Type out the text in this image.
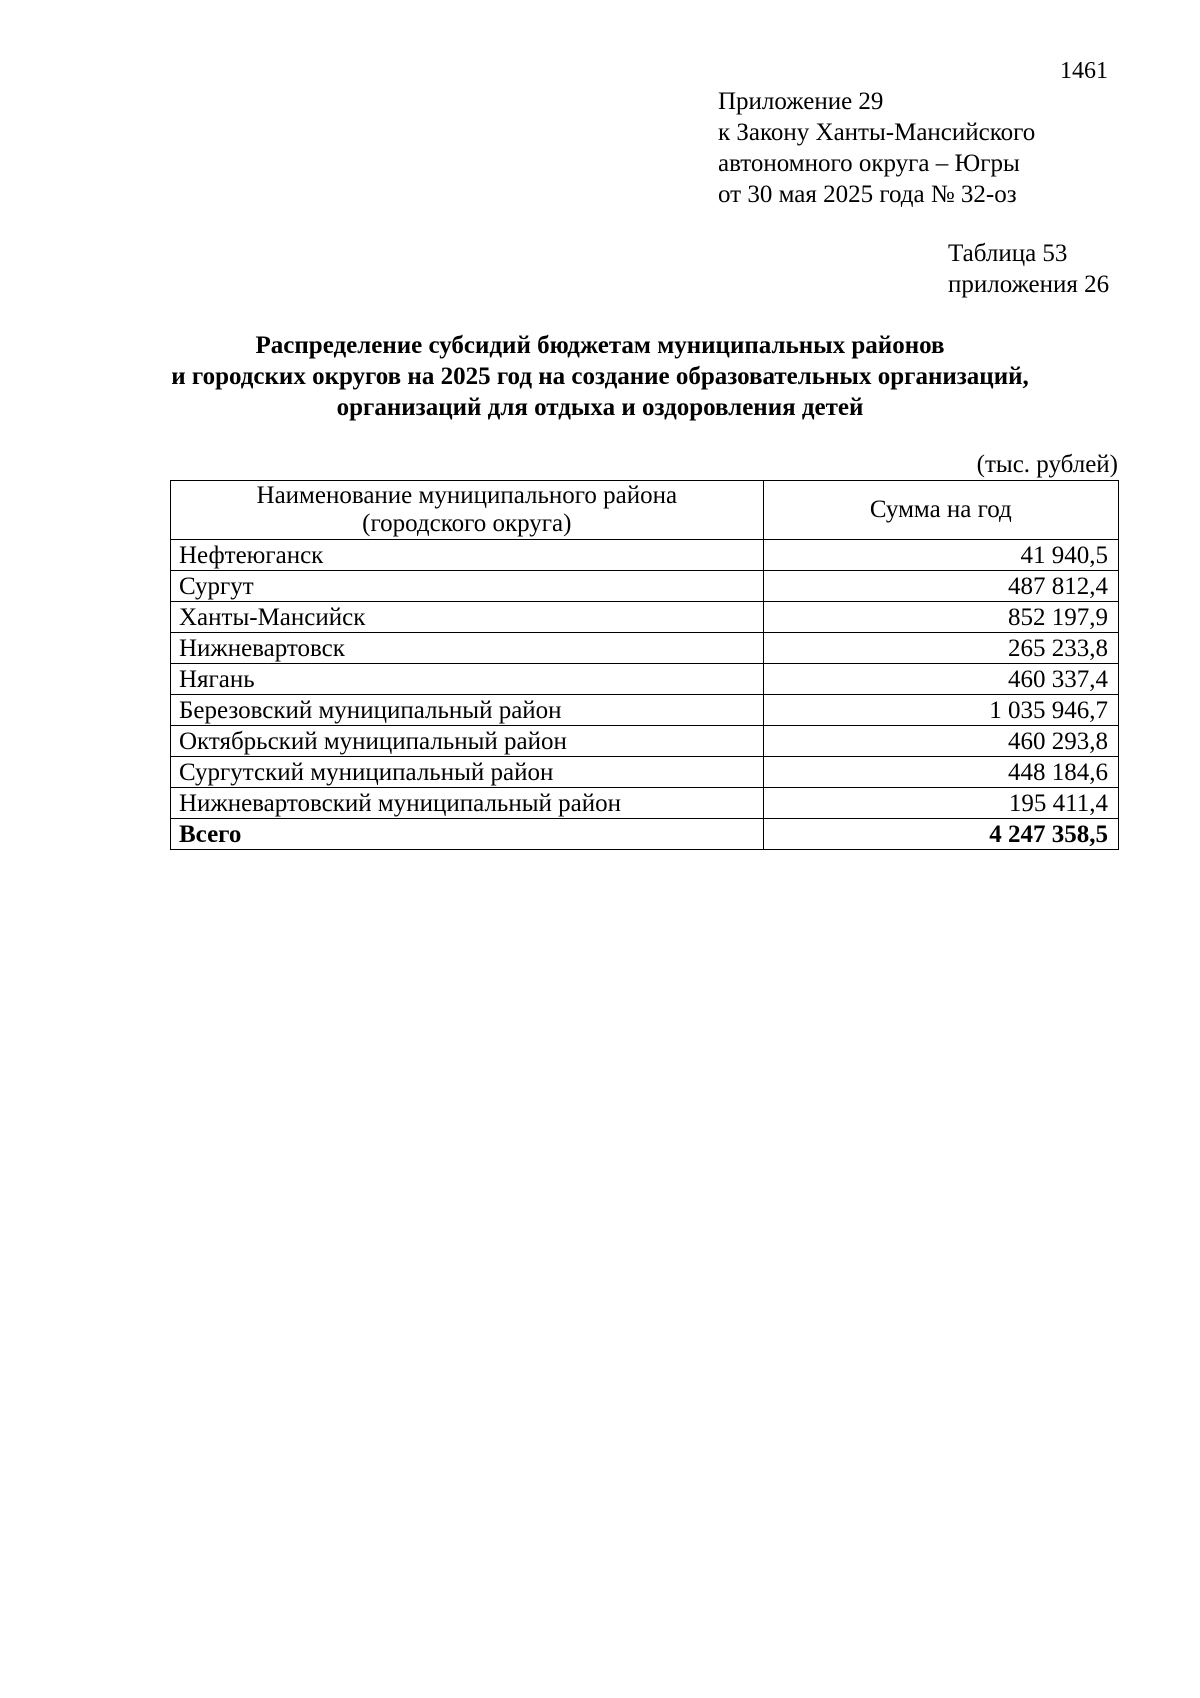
1461
Приложение 29
к Закону Ханты-Мансийского
автономного округа – Югры
от 30 мая 2025 года № 32-оз
Таблица 53
приложения 26
Распределение субсидий бюджетам муниципальных районов
и городских округов на 2025 год на создание образовательных организаций,
организаций для отдыха и оздоровления детей
(тыс. рублей)
Наименование муниципального района
(городского округа)	Сумма на год
Нефтеюганск	41 940,5
Сургут	487 812,4
Ханты-Мансийск	852 197,9
Нижневартовск	265 233,8
Нягань	460 337,4
Березовский муниципальный район	1 035 946,7
Октябрьский муниципальный район	460 293,8
Сургутский муниципальный район	448 184,6
Нижневартовский муниципальный район	195 411,4
Всего	4 247 358,5
